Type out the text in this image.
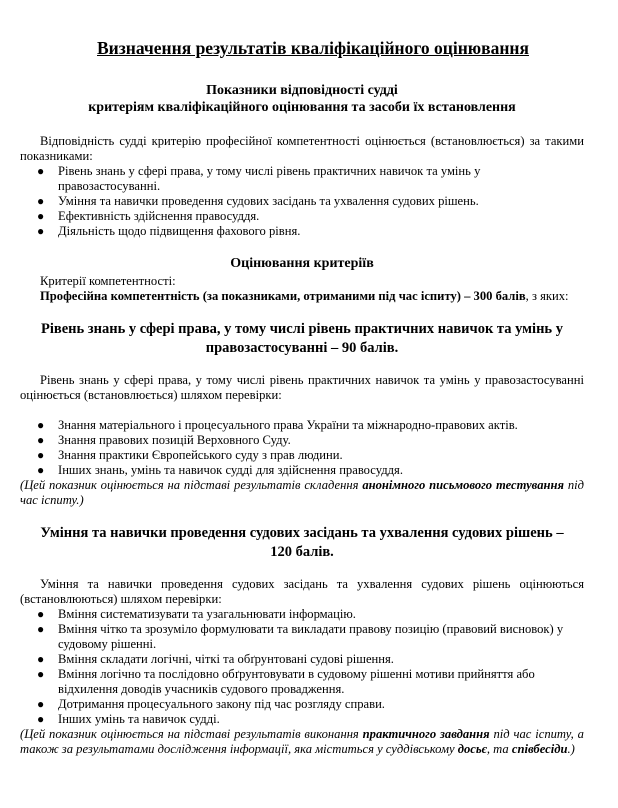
Визначення результатів кваліфікаційного оцінювання
Показники відповідності судді
критеріям кваліфікаційного оцінювання та засоби їх встановлення

Відповідність судді критерію професійної компетентності оцінюється (встановлюється) за такими показниками:

● Рівень знань у сфері права, у тому числі рівень практичних навичок та умінь у правозастосуванні.
● Уміння та навички проведення судових засідань та ухвалення судових рішень.
● Ефективність здійснення правосуддя.
● Діяльність щодо підвищення фахового рівня.
Оцінювання критеріїв

Критерії компетентності:

Професійна компетентність (за показниками, отриманими під час іспиту) – 300 балів, з яких:

Рівень знань у сфері права, у тому числі рівень практичних навичок та умінь у правозастосуванні – 90 балів.

Рівень знань у сфері права, у тому числі рівень практичних навичок та умінь у правозастосуванні оцінюється (встановлюється) шляхом перевірки:

● Знання матеріального і процесуального права України та міжнародно-правових актів.
● Знання правових позицій Верховного Суду.
● Знання практики Європейського суду з прав людини.
● Інших знань, умінь та навичок судді для здійснення правосуддя.

(Цей показник оцінюється на підставі результатів складення анонімного письмового тестування під час іспиту.)

Уміння та навички проведення судових засідань та ухвалення судових рішень –
120 балів.

Уміння та навички проведення судових засідань та ухвалення судових рішень оцінюються (встановлюються) шляхом перевірки:

● Вміння систематизувати та узагальнювати інформацію.
● Вміння чітко та зрозуміло формулювати та викладати правову позицію (правовий висновок) у судовому рішенні.
● Вміння складати логічні, чіткі та обґрунтовані судові рішення.
● Вміння логічно та послідовно обґрунтовувати в судовому рішенні мотиви прийняття або відхилення доводів учасників судового провадження.
● Дотримання процесуального закону під час розгляду справи.
● Інших умінь та навичок судді.

(Цей показник оцінюється на підставі результатів виконання практичного завдання під час іспиту, а також за результатами дослідження інформації, яка міститься у суддівському досьє, та співбесіди.)
